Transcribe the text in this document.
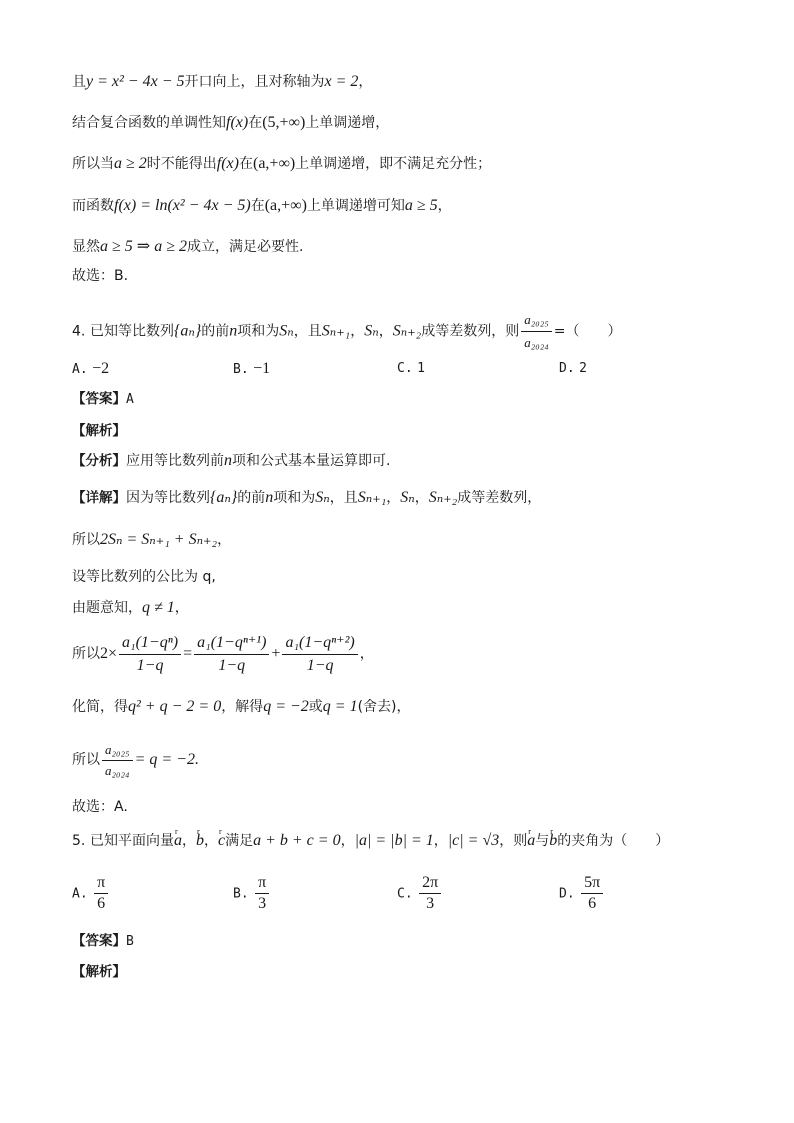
且y = x² − 4x − 5开口向上，且对称轴为x = 2，
结合复合函数的单调性知f(x)在(5,+∞)上单调递增，
所以当a ≥ 2时不能得出f(x)在(a,+∞)上单调递增，即不满足充分性；
而函数f(x) = ln(x² − 4x − 5)在(a,+∞)上单调递增可知a ≥ 5，
显然a ≥ 5 ⇒ a ≥ 2成立，满足必要性.
故选：B.
4. 已知等比数列{aₙ}的前n项和为Sₙ，且Sₙ₊₁，Sₙ，Sₙ₊₂成等差数列，则 $\frac{\text{a₂₀₂₅}}{\text{a₂₀₂₄}}$ =（　　）
A. −2	B. −1	C. 1	D. 2
【答案】A
【解析】
【分析】应用等比数列前n项和公式基本量运算即可.
【详解】因为等比数列{aₙ}的前n项和为Sₙ，且Sₙ₊₁，Sₙ，Sₙ₊₂成等差数列，
所以2Sₙ = Sₙ₊₁ + Sₙ₊₂，
设等比数列的公比为 q,
由题意知，q ≠ 1，
所以$2\times \frac{\text{a₁(1−qⁿ)}}{1-q} = \frac{\text{a₁(1−qⁿ⁺¹)}}{1-q} + \frac{\text{a₁(1−qⁿ⁺²)}}{1-q}$ ，
化简，得q² + q − 2 = 0，解得q = −2或q = 1(舍去)，
所以 $\frac{\text{a₂₀₂₅}}{\text{a₂₀₂₄}} = q = -2$.
故选：A.
5. 已知平面向量r a，r b，r c满足a + b + c = 0，|a| = |b| = 1，|c| = √3，则r a与r b的夹角为（　　）
A. $\frac{\pi}{6}$	B. $\frac{\pi}{3}$	C. $\frac{2\pi}{3}$	D. $\frac{5\pi}{6}$
【答案】B
【解析】
